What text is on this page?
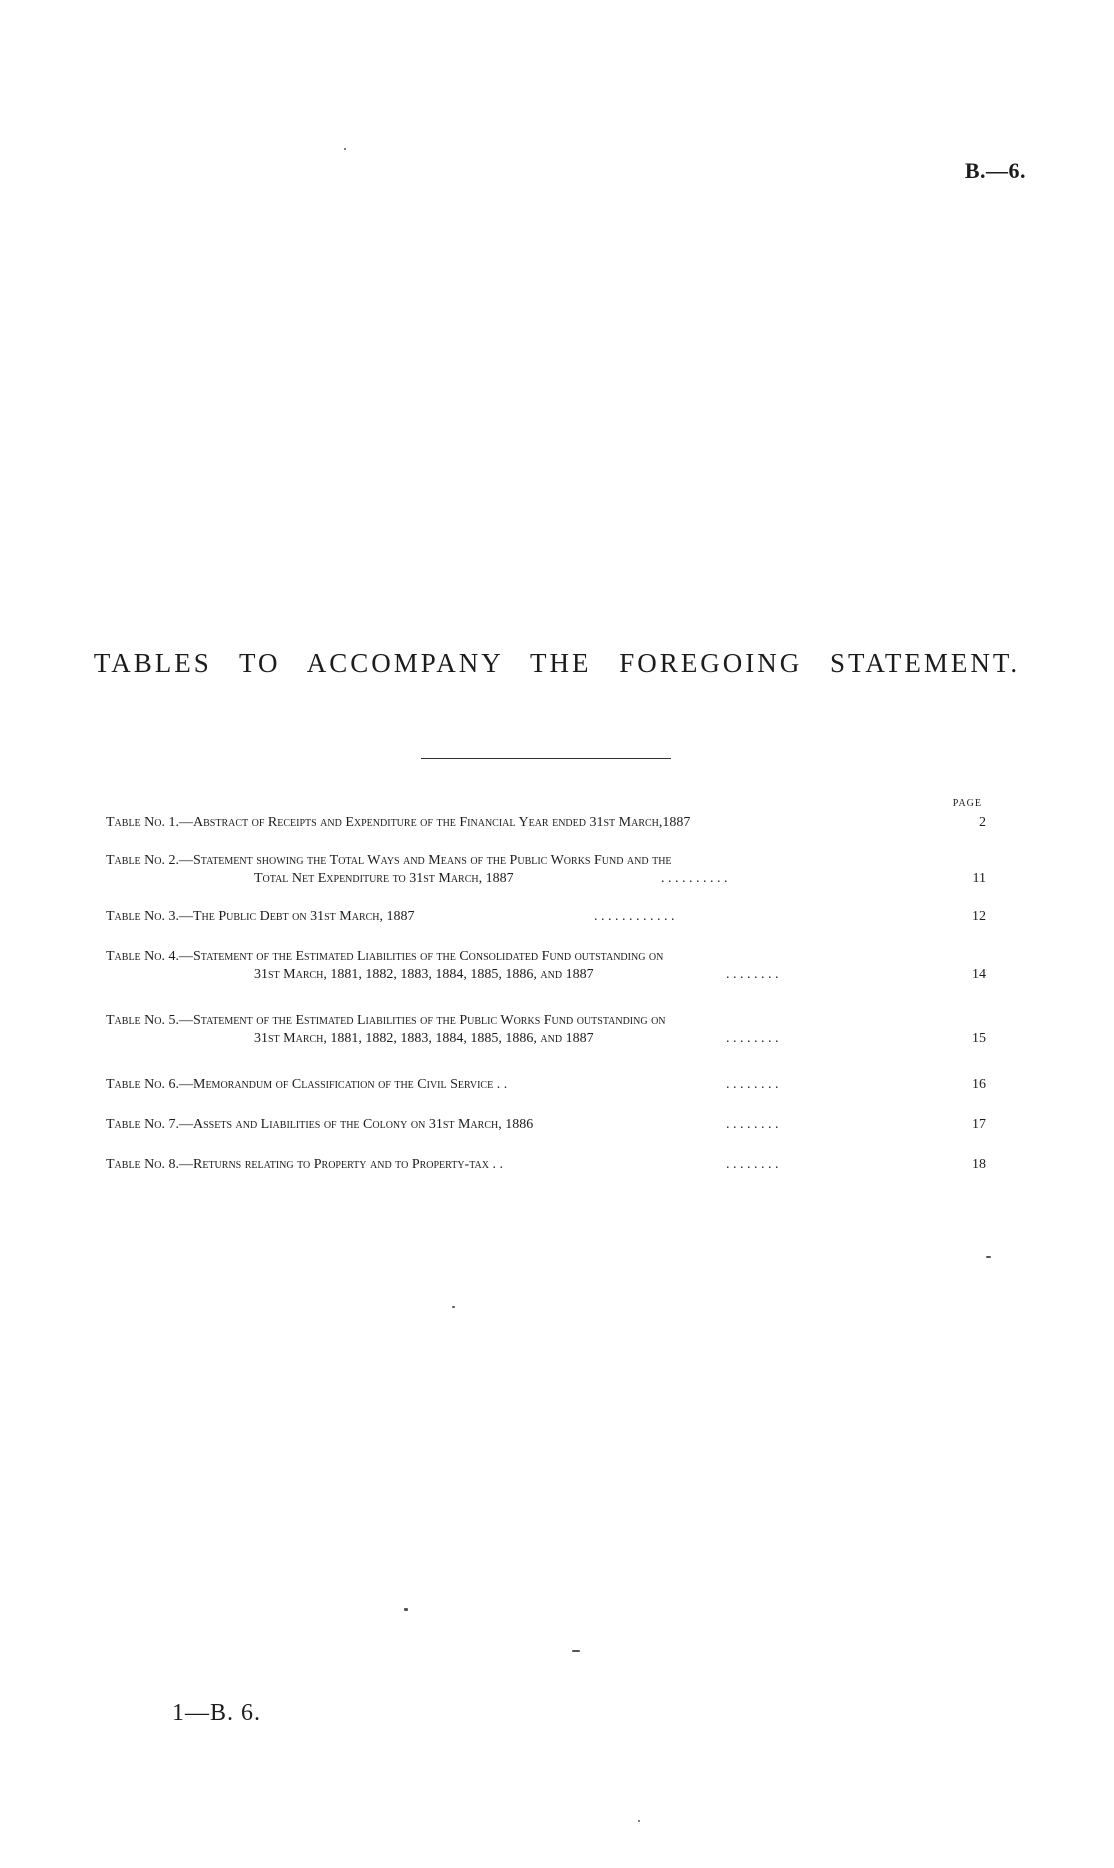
B.—6.
TABLES TO ACCOMPANY THE FOREGOING STATEMENT.
PAGE
Table No. 1.—Abstract of Receipts and Expenditure of the Financial Year ended 31st March,1887	2
Table No. 2.—Statement showing the Total Ways and Means of the Public Works Fund and the
Total Net Expenditure to 31st March, 1887	. . . . . . . . . .	11
Table No. 3.—The Public Debt on 31st March, 1887	. . . . . . . . . . . .	12
Table No. 4.—Statement of the Estimated Liabilities of the Consolidated Fund outstanding on
31st March, 1881, 1882, 1883, 1884, 1885, 1886, and 1887	. . . . . . . .	14
Table No. 5.—Statement of the Estimated Liabilities of the Public Works Fund outstanding on
31st March, 1881, 1882, 1883, 1884, 1885, 1886, and 1887	. . . . . . . .	15
Table No. 6.—Memorandum of Classification of the Civil Service . .	. . . . . . . .	16
Table No. 7.—Assets and Liabilities of the Colony on 31st March, 1886	. . . . . . . .	17
Table No. 8.—Returns relating to Property and to Property-tax . .	. . . . . . . .	18
1—B. 6.
